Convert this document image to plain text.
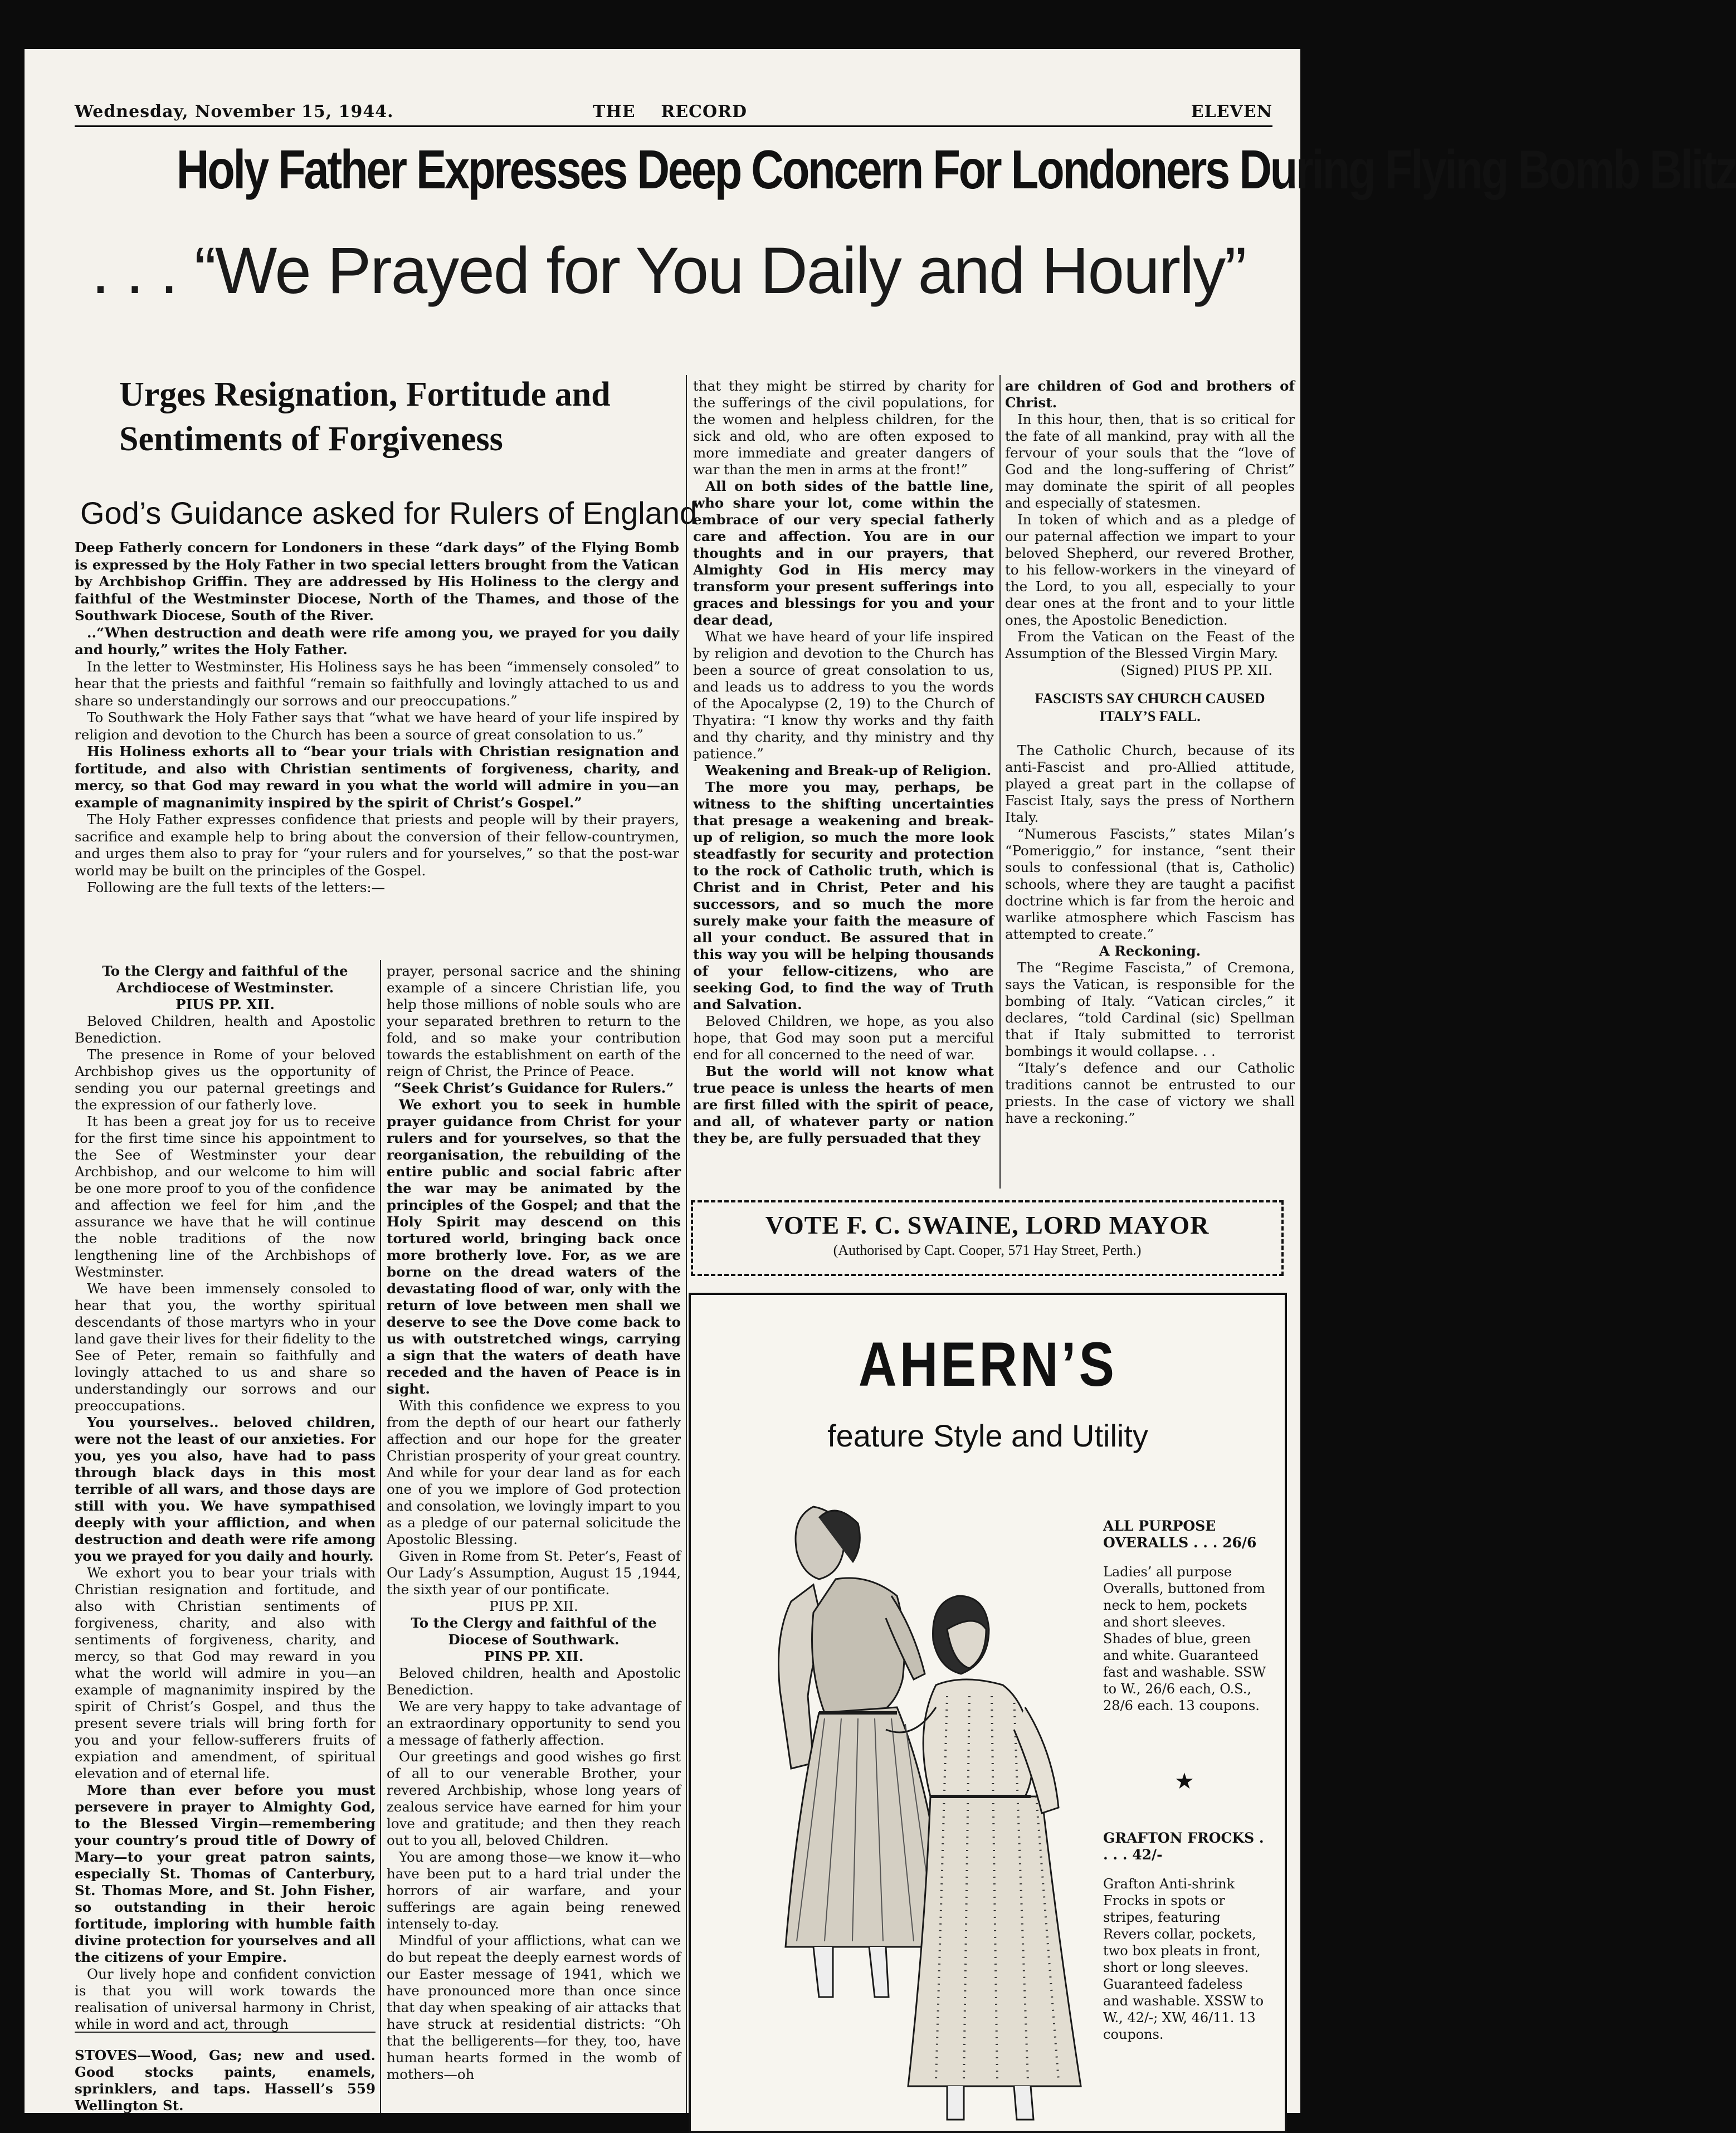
Wednesday, November 15, 1944.	THE    RECORD	ELEVEN
Holy Father Expresses Deep Concern For Londoners During Flying Bomb Blitz
. . . “We Prayed for You Daily and Hourly”
Urges Resignation, Fortitude and
Sentiments of Forgiveness
God’s Guidance asked for Rulers of England

Deep Fatherly concern for Londoners in these “dark days” of the Flying Bomb is expressed by the Holy Father in two special letters brought from the Vatican by Archbishop Griffin. They are addressed by His Holiness to the clergy and faithful of the Westminster Diocese, North of the Thames, and those of the Southwark Diocese, South of the River.

..“When destruction and death were rife among you, we prayed for you daily and hourly,” writes the Holy Father.

In the letter to Westminster, His Holiness says he has been “immensely consoled” to hear that the priests and faithful “remain so faithfully and lovingly attached to us and share so understandingly our sorrows and our preoccupations.”

To Southwark the Holy Father says that “what we have heard of your life inspired by religion and devotion to the Church has been a source of great consolation to us.”

His Holiness exhorts all to “bear your trials with Christian resignation and fortitude, and also with Christian sentiments of forgiveness, charity, and mercy, so that God may reward in you what the world will admire in you—an example of magnanimity inspired by the spirit of Christ’s Gospel.”

The Holy Father expresses confidence that priests and people will by their prayers, sacrifice and example help to bring about the conversion of their fellow-countrymen, and urges them also to pray for “your rulers and for yourselves,” so that the post-war world may be built on the principles of the Gospel.

Following are the full texts of the letters:—

To the Clergy and faithful of the Archdiocese of Westminster.

PIUS PP. XII.

Beloved Children, health and Apostolic Benediction.

The presence in Rome of your beloved Archbishop gives us the opportunity of sending you our paternal greetings and the expression of our fatherly love.

It has been a great joy for us to receive for the first time since his appointment to the See of Westminster your dear Archbishop, and our welcome to him will be one more proof to you of the confidence and affection we feel for him ,and the assurance we have that he will continue the noble traditions of the now lengthening line of the Archbishops of Westminster.

We have been immensely consoled to hear that you, the worthy spiritual descendants of those martyrs who in your land gave their lives for their fidelity to the See of Peter, remain so faithfully and lovingly attached to us and share so understandingly our sorrows and our preoccupations.

You yourselves.. beloved children, were not the least of our anxieties. For you, yes you also, have had to pass through black days in this most terrible of all wars, and those days are still with you. We have sympathised deeply with your affliction, and when destruction and death were rife among you we prayed for you daily and hourly.

We exhort you to bear your trials with Christian resignation and fortitude, and also with Christian sentiments of forgiveness, charity, and also with sentiments of forgiveness, charity, and mercy, so that God may reward in you what the world will admire in you—an example of magnanimity inspired by the spirit of Christ’s Gospel, and thus the present severe trials will bring forth for you and your fellow-sufferers fruits of expiation and amendment, of spiritual elevation and of eternal life.

More than ever before you must persevere in prayer to Almighty God, to the Blessed Virgin—remembering your country’s proud title of Dowry of Mary—to your great patron saints, especially St. Thomas of Canterbury, St. Thomas More, and St. John Fisher, so outstanding in their heroic fortitude, imploring with humble faith divine protection for yourselves and all the citizens of your Empire.

Our lively hope and confident conviction is that you will work towards the realisation of universal harmony in Christ, while in word and act, through

STOVES—Wood, Gas; new and used. Good stocks paints, enamels, sprinklers, and taps. Hassell’s 559 Wellington St.

prayer, personal sacrice and the shining example of a sincere Christian life, you help those millions of noble souls who are your separated brethren to return to the fold, and so make your contribution towards the establishment on earth of the reign of Christ, the Prince of Peace.

“Seek Christ’s Guidance for Rulers.”

We exhort you to seek in humble prayer guidance from Christ for your rulers and for yourselves, so that the reorganisation, the rebuilding of the entire public and social fabric after the war may be animated by the principles of the Gospel; and that the Holy Spirit may descend on this tortured world, bringing back once more brotherly love. For, as we are borne on the dread waters of the devastating flood of war, only with the return of love between men shall we deserve to see the Dove come back to us with outstretched wings, carrying a sign that the waters of death have receded and the haven of Peace is in sight.

With this confidence we express to you from the depth of our heart our fatherly affection and our hope for the greater Christian prosperity of your great country. And while for your dear land as for each one of you we implore of God protection and consolation, we lovingly impart to you as a pledge of our paternal solicitude the Apostolic Blessing.

Given in Rome from St. Peter’s, Feast of Our Lady’s Assumption, August 15 ,1944, the sixth year of our pontificate.

PIUS PP. XII.

To the Clergy and faithful of the Diocese of Southwark.

PINS PP. XII.

Beloved children, health and Apostolic Benediction.

We are very happy to take advantage of an extraordinary opportunity to send you a message of fatherly affection.

Our greetings and good wishes go first of all to our venerable Brother, your revered Archbiship, whose long years of zealous service have earned for him your love and gratitude; and then they reach out to you all, beloved Children.

You are among those—we know it—who have been put to a hard trial under the horrors of air warfare, and your sufferings are again being renewed intensely to-day.

Mindful of your afflictions, what can we do but repeat the deeply earnest words of our Easter message of 1941, which we have pronounced more than once since that day when speaking of air attacks that have struck at residential districts: “Oh that the belligerents—for they, too, have human hearts formed in the womb of mothers—oh

that they might be stirred by charity for the sufferings of the civil populations, for the women and helpless children, for the sick and old, who are often exposed to more immediate and greater dangers of war than the men in arms at the front!”

All on both sides of the battle line, who share your lot, come within the embrace of our very special fatherly care and affection. You are in our thoughts and in our prayers, that Almighty God in His mercy may transform your present sufferings into graces and blessings for you and your dear dead,

What we have heard of your life inspired by religion and devotion to the Church has been a source of great consolation to us, and leads us to address to you the words of the Apocalypse (2, 19) to the Church of Thyatira: “I know thy works and thy faith and thy charity, and thy ministry and thy patience.”

Weakening and Break-up of Religion.

The more you may, perhaps, be witness to the shifting uncertainties that presage a weakening and break-up of religion, so much the more look steadfastly for security and protection to the rock of Catholic truth, which is Christ and in Christ, Peter and his successors, and so much the more surely make your faith the measure of all your conduct. Be assured that in this way you will be helping thousands of your fellow-citizens, who are seeking God, to find the way of Truth and Salvation.

Beloved Children, we hope, as you also hope, that God may soon put a merciful end for all concerned to the need of war.

But the world will not know what true peace is unless the hearts of men are first filled with the spirit of peace, and all, of whatever party or nation they be, are fully persuaded that they

are children of God and brothers of Christ.

In this hour, then, that is so critical for the fate of all mankind, pray with all the fervour of your souls that the “love of God and the long-suffering of Christ” may dominate the spirit of all peoples and especially of statesmen.

In token of which and as a pledge of our paternal affection we impart to your beloved Shepherd, our revered Brother, to his fellow-workers in the vineyard of the Lord, to you all, especially to your dear ones at the front and to your little ones, the Apostolic Benediction.

From the Vatican on the Feast of the Assumption of the Blessed Virgin Mary.

(Signed) PIUS PP. XII.

FASCISTS SAY CHURCH CAUSED ITALY’S FALL.

The Catholic Church, because of its anti-Fascist and pro-Allied attitude, played a great part in the collapse of Fascist Italy, says the press of Northern Italy.

“Numerous Fascists,” states Milan’s “Pomeriggio,” for instance, “sent their souls to confessional (that is, Catholic) schools, where they are taught a pacifist doctrine which is far from the heroic and warlike atmosphere which Fascism has attempted to create.”

A Reckoning.

The “Regime Fascista,” of Cremona, says the Vatican, is responsible for the bombing of Italy. “Vatican circles,” it declares, “told Cardinal (sic) Spellman that if Italy submitted to terrorist bombings it would collapse. . .

“Italy’s defence and our Catholic traditions cannot be entrusted to our priests. In the case of victory we shall have a reckoning.”

VOTE F. C. SWAINE, LORD MAYOR
(Authorised by Capt. Cooper, 571 Hay Street, Perth.)
AHERN’S
feature Style and Utility
ALL PURPOSE OVERALLS . . . 26/6

Ladies’ all purpose Overalls, buttoned from neck to hem, pockets and short sleeves. Shades of blue, green and white. Guaranteed fast and washable. SSW to W., 26/6 each, O.S., 28/6 each. 13 coupons.

★
GRAFTON FROCKS . . . . 42/-

Grafton Anti-shrink Frocks in spots or stripes, featuring Revers collar, pockets, two box pleats in front, short or long sleeves. Guaranteed fadeless and washable. XSSW to W., 42/-; XW, 46/11. 13 coupons.
